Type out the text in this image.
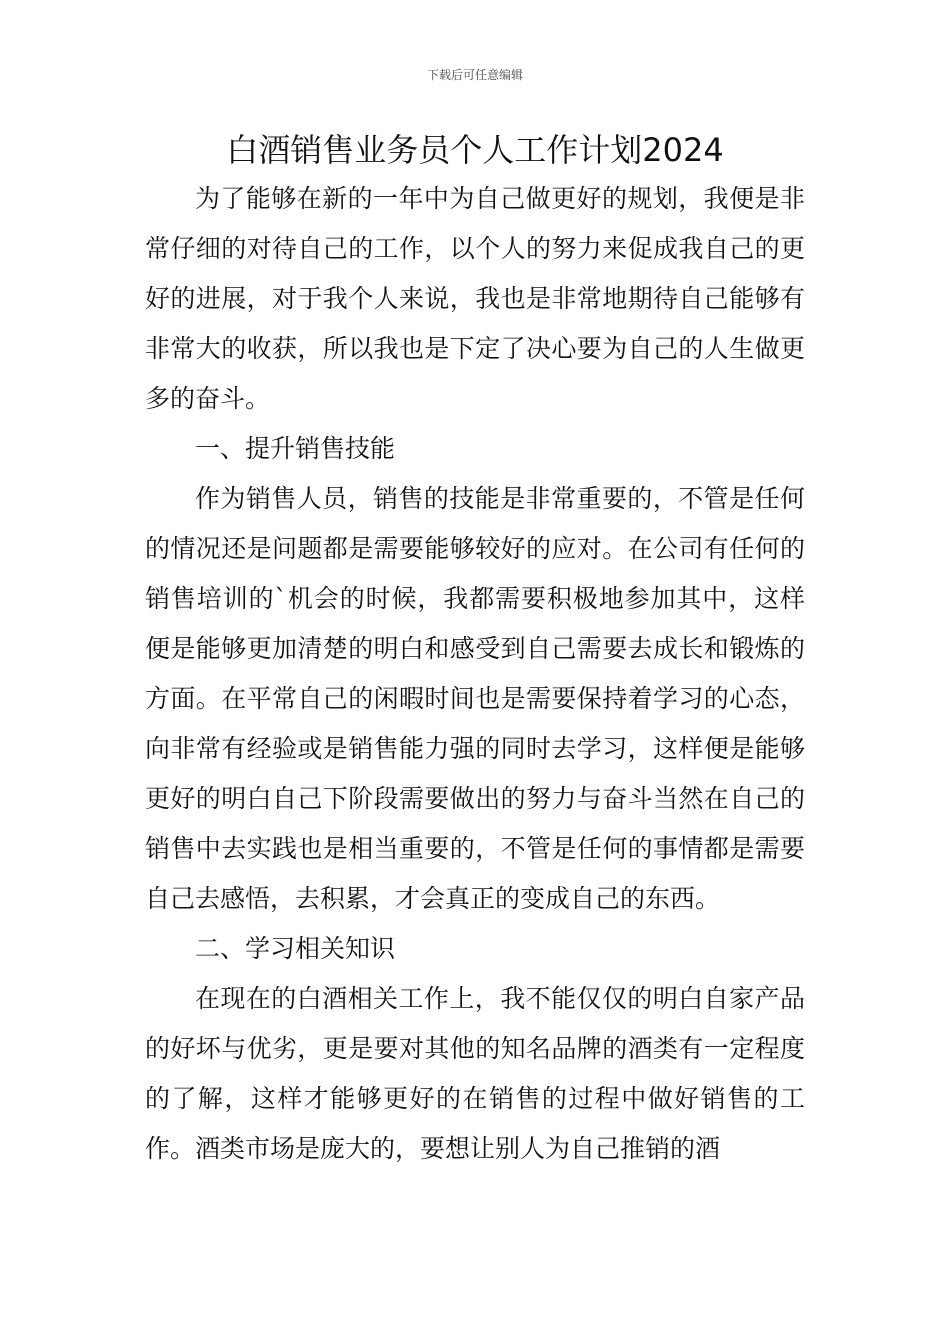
下载后可任意编辑
白酒销售业务员个人工作计划2024

为了能够在新的一年中为自己做更好的规划，我便是非常仔细的对待自己的工作，以个人的努力来促成我自己的更好的进展，对于我个人来说，我也是非常地期待自己能够有非常大的收获，所以我也是下定了决心要为自己的人生做更多的奋斗。

一、提升销售技能

作为销售人员，销售的技能是非常重要的，不管是任何的情况还是问题都是需要能够较好的应对。在公司有任何的销售培训的`机会的时候，我都需要积极地参加其中，这样便是能够更加清楚的明白和感受到自己需要去成长和锻炼的方面。在平常自己的闲暇时间也是需要保持着学习的心态，向非常有经验或是销售能力强的同时去学习，这样便是能够更好的明白自己下阶段需要做出的努力与奋斗当然在自己的销售中去实践也是相当重要的，不管是任何的事情都是需要自己去感悟，去积累，才会真正的变成自己的东西。

二、学习相关知识

在现在的白酒相关工作上，我不能仅仅的明白自家产品的好坏与优劣，更是要对其他的知名品牌的酒类有一定程度的了解，这样才能够更好的在销售的过程中做好销售的工作。酒类市场是庞大的，要想让别人为自己推销的酒
